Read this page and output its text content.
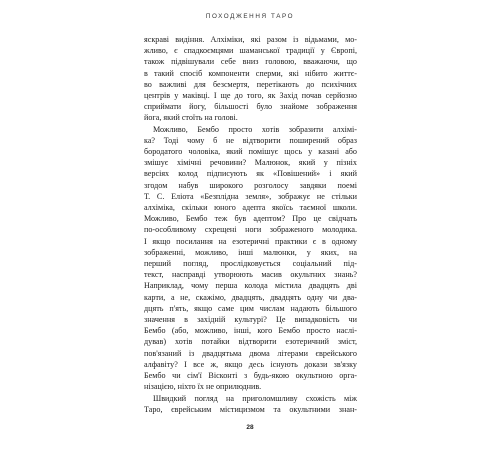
ПОХОДЖЕННЯ ТАРО
яскраві видіння. Алхіміки, які разом із відьмами, мо-
жливо, є спадкоємцями шаманської традиції у Європі,
також підвішували себе вниз головою, вважаючи, що
в такий спосіб компоненти сперми, які нібито життє-
во важливі для безсмертя, перетікають до психічних
центрів у маківці. І ще до того, як Захід почав серйозно
сприймати йогу, більшості було знайоме зображення
йога, який стоїть на голові.
Можливо, Бембо просто хотів зобразити алхімі-
ка? Тоді чому б не відтворити поширений образ
бородатого чоловіка, який помішує щось у казані або
змішує хімічні речовини? Малюнок, який у пізніх
версіях колод підписують як «Повішений» і який
згодом набув широкого розголосу завдяки поемі
Т. С. Еліота «Безплідна земля», зображує не стільки
алхіміка, скільки юного адепта якоїсь таємної школи.
Можливо, Бембо теж був адептом? Про це свідчать
по-особливому схрещені ноги зображеного молодика.
І якщо посилання на езотеричні практики є в одному
зображенні, можливо, інші малюнки, у яких, на
перший погляд, прослідковується соціальний під-
текст, насправді утворюють масив окультних знань?
Наприклад, чому перша колода містила двадцять дві
карти, а не, скажімо, двадцять, двадцять одну чи два-
дцять п'ять, якщо саме цим числам надають більшого
значення в західній культурі? Це випадковість чи
Бембо (або, можливо, інші, кого Бембо просто наслі-
дував) хотів потайки відтворити езотеричний зміст,
пов'язаний із двадцятьма двома літерами єврейського
алфавіту? І все ж, якщо десь існують докази зв'язку
Бембо чи сім'ї Вісконті з будь-якою окультною орга-
нізацією, ніхто їх не оприлюднив.
Швидкий погляд на приголомшливу схожість між
Таро, єврейським містицизмом та окультними знан-
28
